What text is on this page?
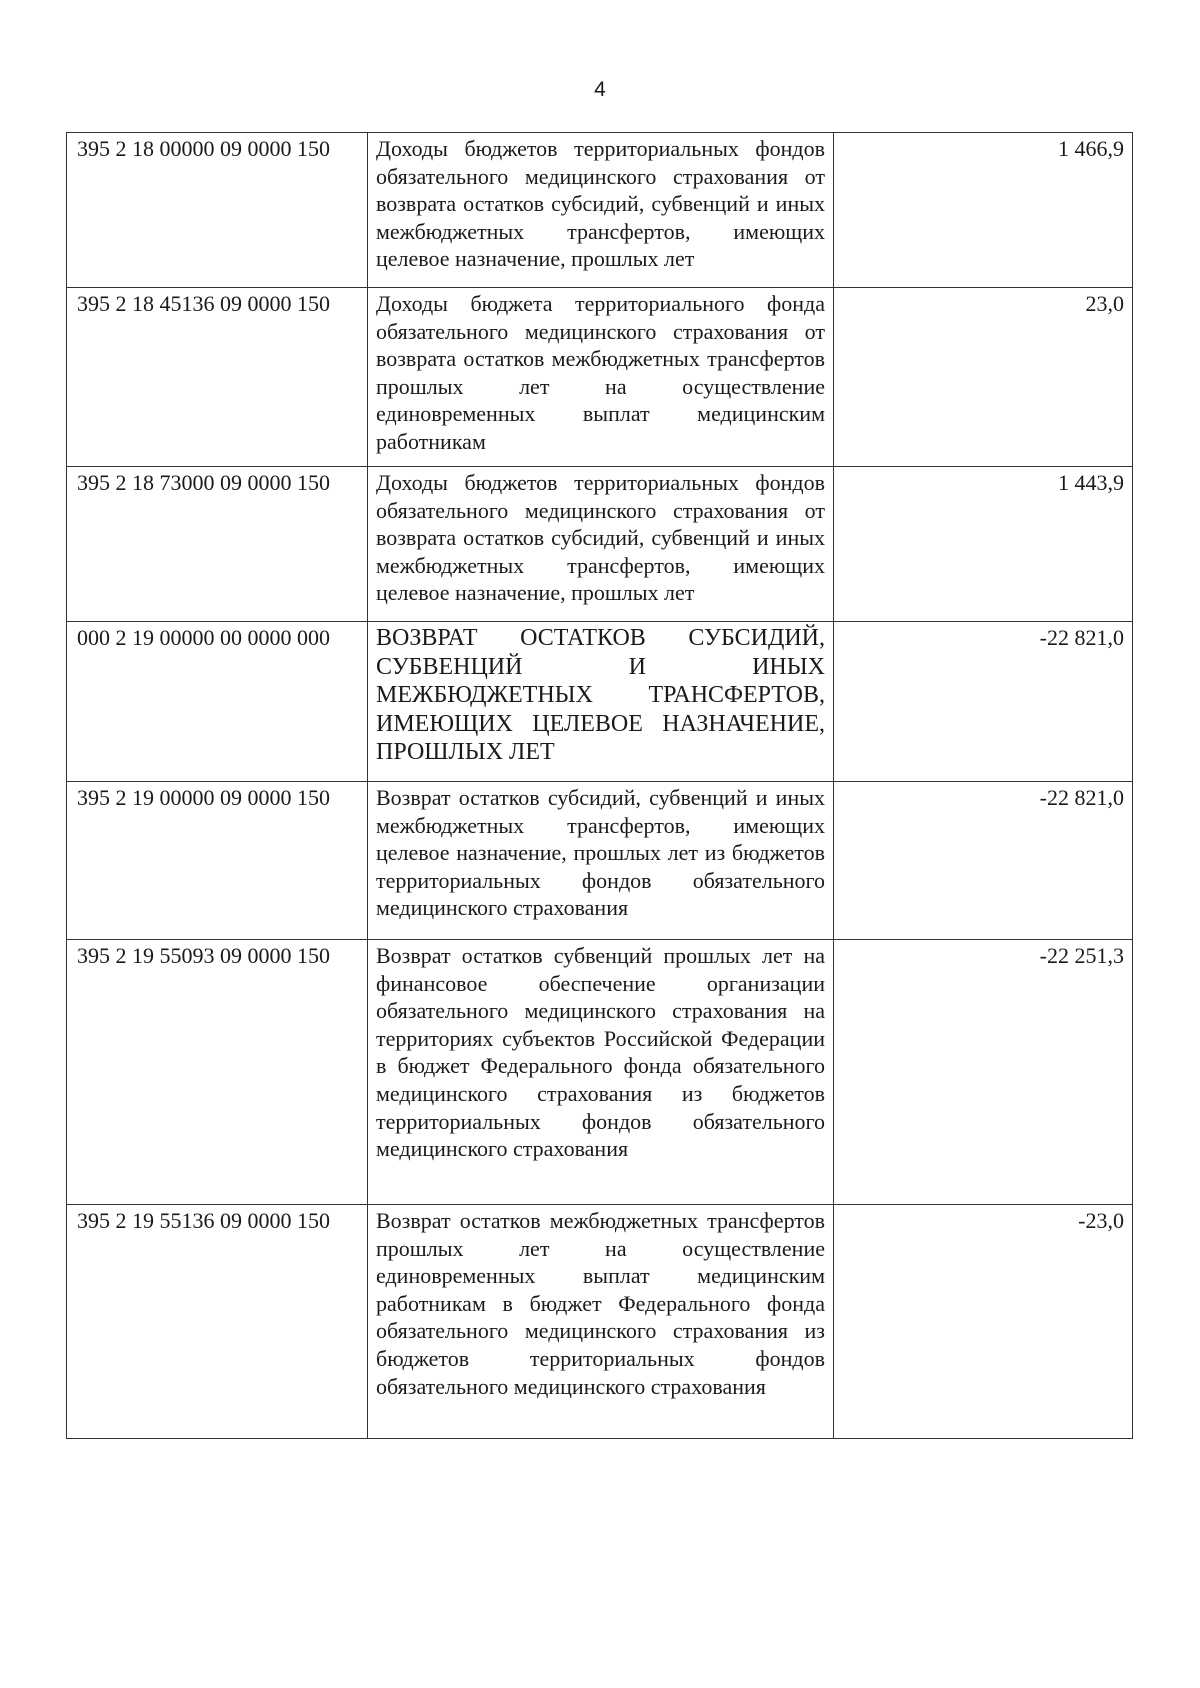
4
395 2 18 00000 09 0000 150	Доходы бюджетов территориальных фондов обязательного медицинского страхования от возврата остатков субсидий, субвенций и иных межбюджетных трансфертов, имеющих целевое назначение, прошлых лет	1 466,9
395 2 18 45136 09 0000 150	Доходы бюджета территориального фонда обязательного медицинского страхования от возврата остатков межбюджетных трансфертов прошлых лет на осуществление единовременных выплат медицинским работникам	23,0
395 2 18 73000 09 0000 150	Доходы бюджетов территориальных фондов обязательного медицинского страхования от возврата остатков субсидий, субвенций и иных межбюджетных трансфертов, имеющих целевое назначение, прошлых лет	1 443,9
000 2 19 00000 00 0000 000	ВОЗВРАТ ОСТАТКОВ СУБСИДИЙ, СУБВЕНЦИЙ И ИНЫХ МЕЖБЮДЖЕТНЫХ ТРАНСФЕРТОВ, ИМЕЮЩИХ ЦЕЛЕВОЕ НАЗНАЧЕНИЕ, ПРОШЛЫХ ЛЕТ	-22 821,0
395 2 19 00000 09 0000 150	Возврат остатков субсидий, субвенций и иных межбюджетных трансфертов, имеющих целевое назначение, прошлых лет из бюджетов территориальных фондов обязательного медицинского страхования	-22 821,0
395 2 19 55093 09 0000 150	Возврат остатков субвенций прошлых лет на финансовое обеспечение организации обязательного медицинского страхования на территориях субъектов Российской Федерации в бюджет Федерального фонда обязательного медицинского страхования из бюджетов территориальных фондов обязательного медицинского страхования	-22 251,3
395 2 19 55136 09 0000 150	Возврат остатков межбюджетных трансфертов прошлых лет на осуществление единовременных выплат медицинским работникам в бюджет Федерального фонда обязательного медицинского страхования из бюджетов территориальных фондов обязательного медицинского страхования	-23,0
